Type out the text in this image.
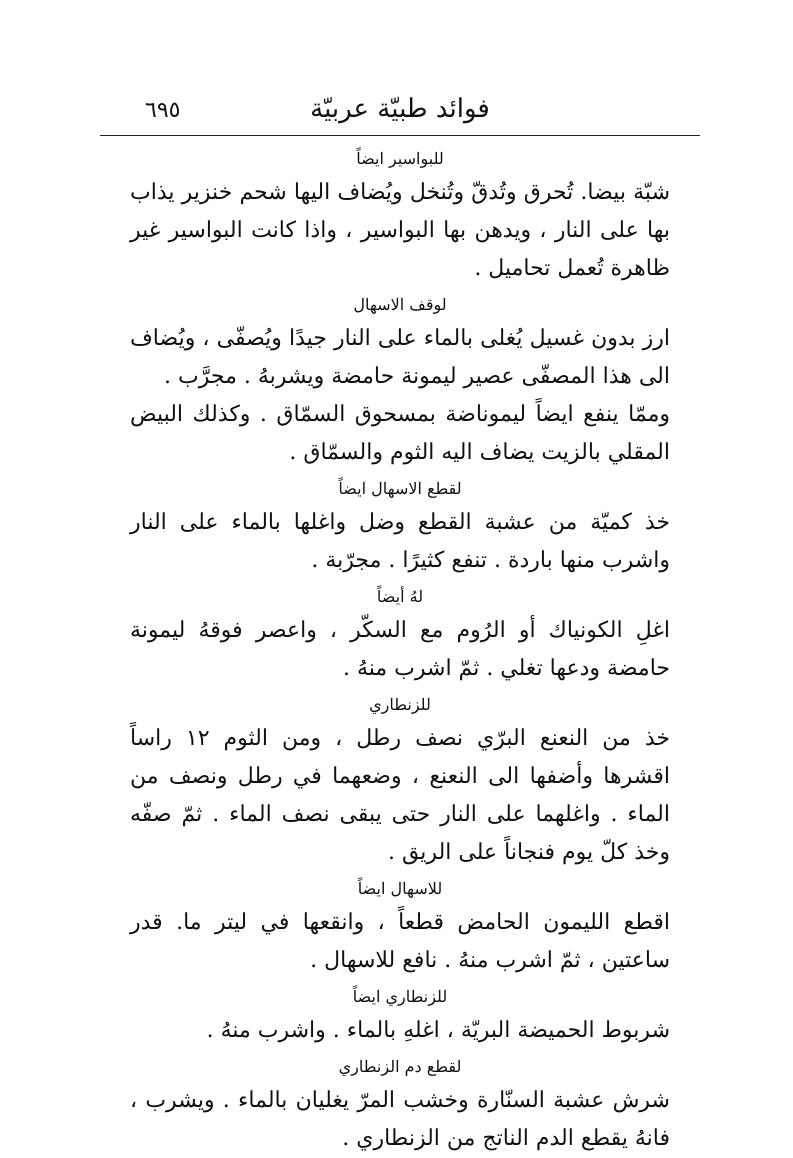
٦٩٥	فوائد طبيّة عربيّة
للبواسير ايضاً

شبّة بيضا. تُحرق وتُدقّ وتُنخل ويُضاف اليها شحم خنزير يذاب بها على النار ، ويدهن بها البواسير ، واذا كانت البواسير غير ظاهرة تُعمل تحاميل .

لوقف الاسهال

ارز بدون غسيل يُغلى بالماء على النار جيدًا ويُصفّى ، ويُضاف الى هذا المصفّى عصير ليمونة حامضة ويشربهُ . مجرَّب .

وممّا ينفع ايضاً ليموناضة بمسحوق السمّاق . وكذلك البيض المقلي بالزيت يضاف اليه الثوم والسمّاق .

لقطع الاسهال ايضاً

خذ كميّة من عشبة القطع وضل واغلها بالماء على النار واشرب منها باردة . تنفع كثيرًا . مجرّبة .

لهُ أيضاً

اغلِ الكونياك أو الرُوم مع السكّر ، واعصر فوقهُ ليمونة حامضة ودعها تغلي . ثمّ اشرب منهُ .

للزنطاري

خذ من النعنع البرّي نصف رطل ، ومن الثوم ١٢ راساً اقشرها وأضفها الى النعنع ، وضعهما في رطل ونصف من الماء . واغلهما على النار حتى يبقى نصف الماء . ثمّ صفّه وخذ كلّ يوم فنجاناً على الريق .

للاسهال ايضاً

اقطع الليمون الحامض قطعاً ، وانقعها في ليتر ما. قدر ساعتين ، ثمّ اشرب منهُ . نافع للاسهال .

للزنطاري ايضاً

شربوط الحميضة البريّة ، اغلهِ بالماء . واشرب منهُ .

لقطع دم الزنطاري

شرش عشبة السنّارة وخشب المرّ يغليان بالماء . ويشرب ، فانهُ يقطع الدم الناتج من الزنطاري .
